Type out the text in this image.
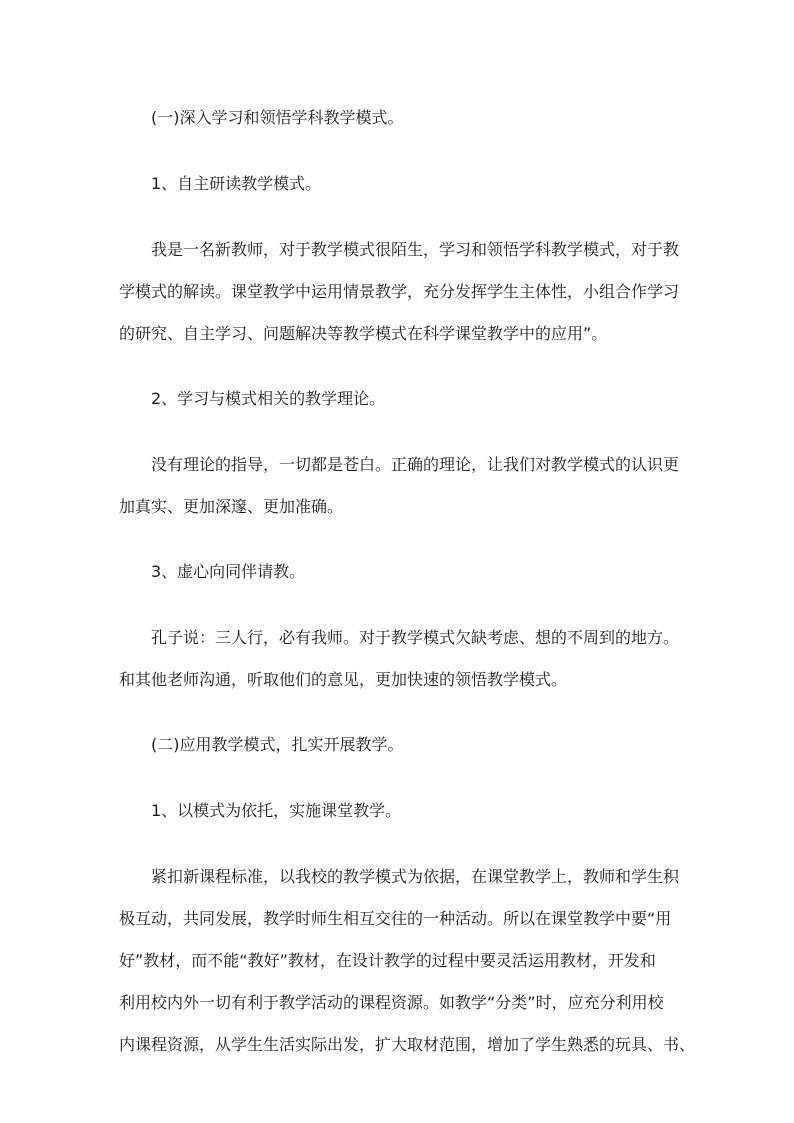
(一)深入学习和领悟学科教学模式。

1、自主研读教学模式。

我是一名新教师，对于教学模式很陌生，学习和领悟学科教学模式，对于教

学模式的解读。课堂教学中运用情景教学，充分发挥学生主体性，小组合作学习

的研究、自主学习、问题解决等教学模式在科学课堂教学中的应用”。

2、学习与模式相关的教学理论。

没有理论的指导，一切都是苍白。正确的理论，让我们对教学模式的认识更

加真实、更加深邃、更加准确。

3、虚心向同伴请教。

孔子说：三人行，必有我师。对于教学模式欠缺考虑、想的不周到的地方。

和其他老师沟通，听取他们的意见，更加快速的领悟教学模式。

(二)应用教学模式，扎实开展教学。

1、以模式为依托，实施课堂教学。

紧扣新课程标准，以我校的教学模式为依据，在课堂教学上，教师和学生积

极互动，共同发展，教学时师生相互交往的一种活动。所以在课堂教学中要“用

好”教材，而不能“教好”教材，在设计教学的过程中要灵活运用教材，开发和

利用校内外一切有利于教学活动的课程资源。如教学“分类”时，应充分利用校

内课程资源，从学生生活实际出发，扩大取材范围，增加了学生熟悉的玩具、书、
